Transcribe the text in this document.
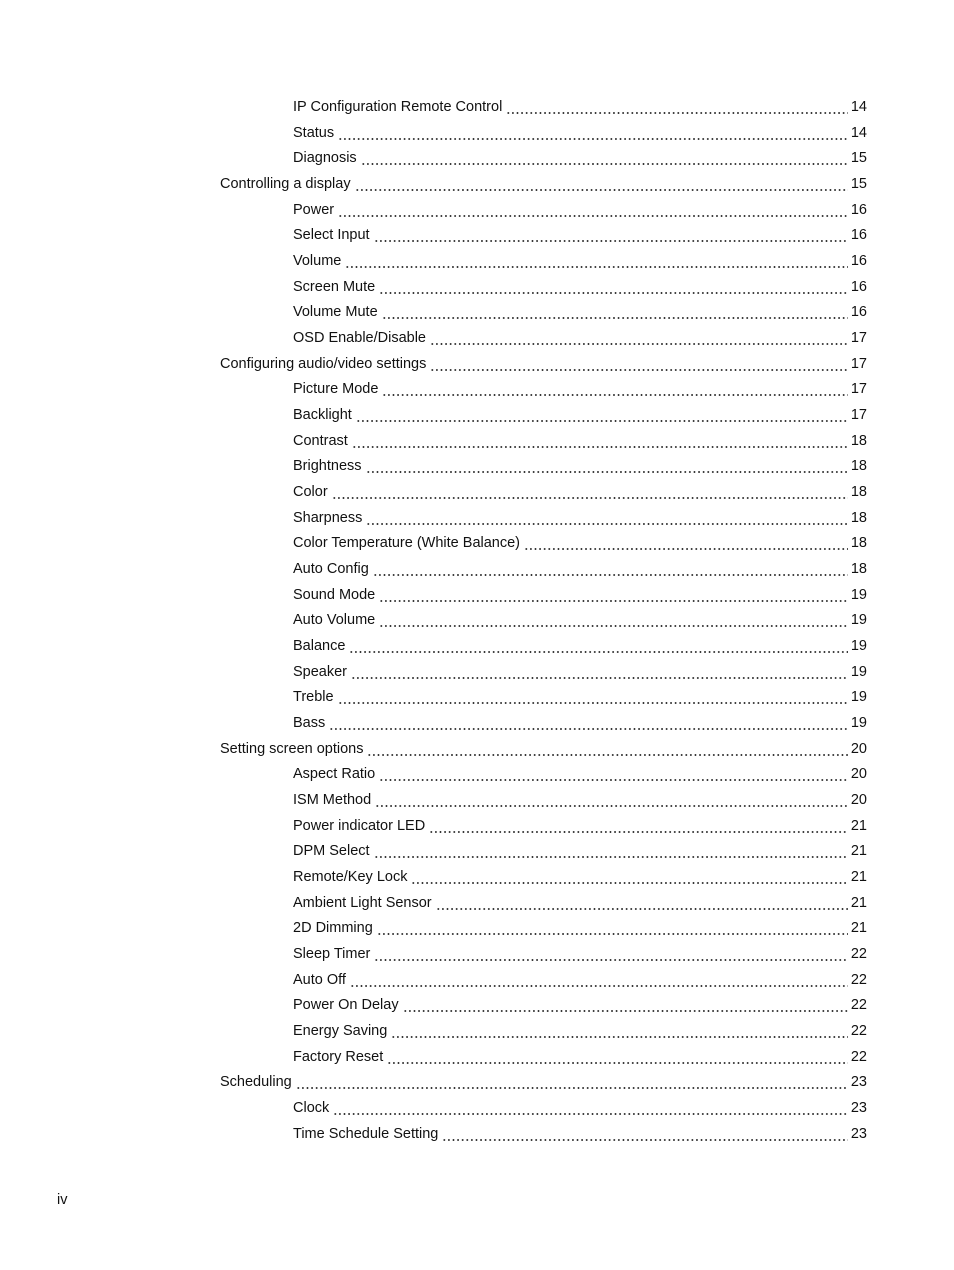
IP Configuration Remote Control	14
Status	14
Diagnosis	15
Controlling a display	15
Power	16
Select Input	16
Volume	16
Screen Mute	16
Volume Mute	16
OSD Enable/Disable	17
Configuring audio/video settings	17
Picture Mode	17
Backlight	17
Contrast	18
Brightness	18
Color	18
Sharpness	18
Color Temperature (White Balance)	18
Auto Config	18
Sound Mode	19
Auto Volume	19
Balance	19
Speaker	19
Treble	19
Bass	19
Setting screen options	20
Aspect Ratio	20
ISM Method	20
Power indicator LED	21
DPM Select	21
Remote/Key Lock	21
Ambient Light Sensor	21
2D Dimming	21
Sleep Timer	22
Auto Off	22
Power On Delay	22
Energy Saving	22
Factory Reset	22
Scheduling	23
Clock	23
Time Schedule Setting	23
iv
